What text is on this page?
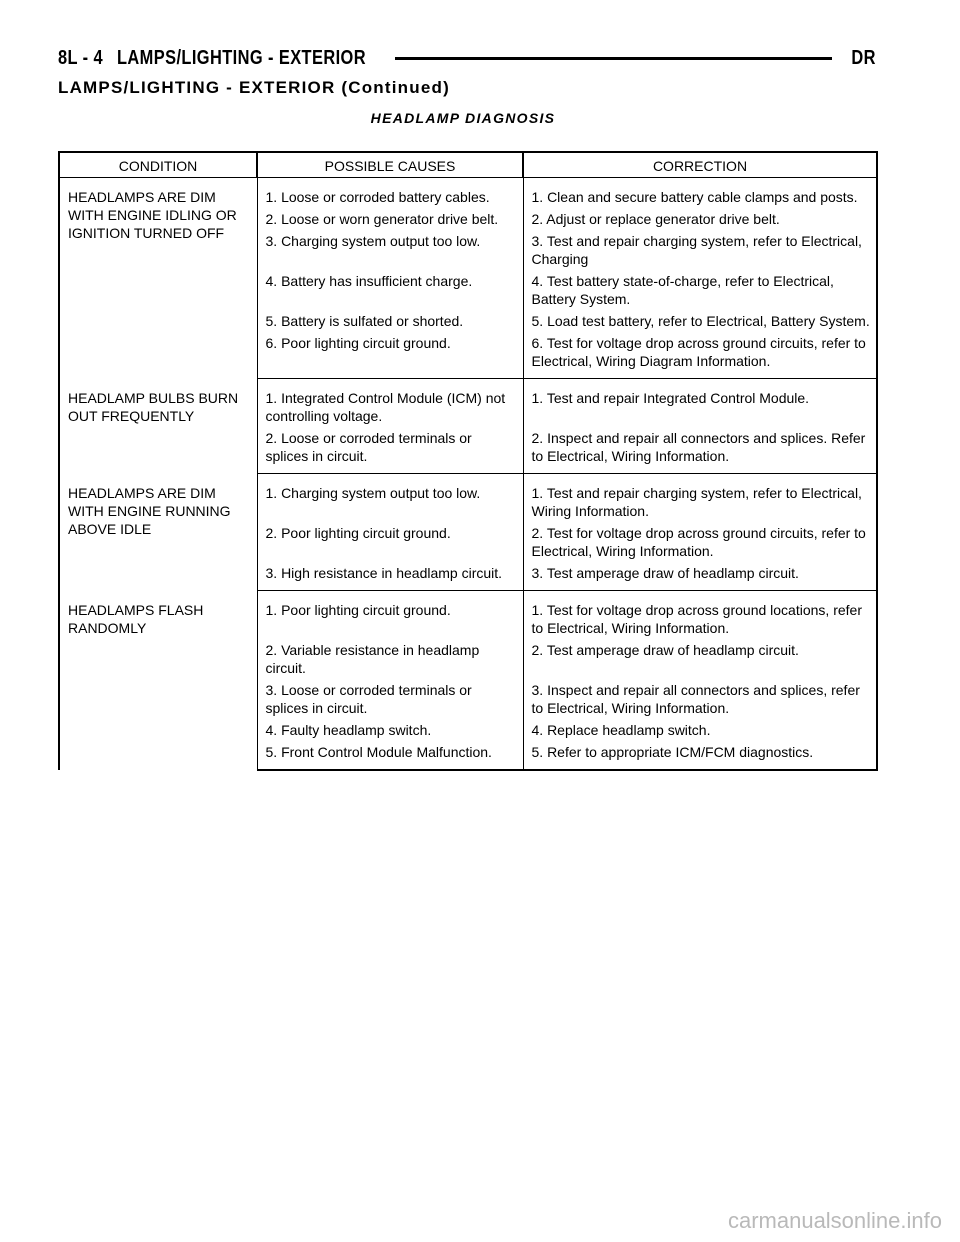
8L - 4 LAMPS/LIGHTING - EXTERIOR	DR
LAMPS/LIGHTING - EXTERIOR (Continued)
HEADLAMP DIAGNOSIS
CONDITION	POSSIBLE CAUSES	CORRECTION
HEADLAMPS ARE DIM WITH ENGINE IDLING OR IGNITION TURNED OFF	1. Loose or corroded battery cables.	1. Clean and secure battery cable clamps and posts.
	2. Loose or worn generator drive belt.	2. Adjust or replace generator drive belt.
	3. Charging system output too low.	3. Test and repair charging system, refer to Electrical, Charging
	4. Battery has insufficient charge.	4. Test battery state-of-charge, refer to Electrical, Battery System.
	5. Battery is sulfated or shorted.	5. Load test battery, refer to Electrical, Battery System.
	6. Poor lighting circuit ground.	6. Test for voltage drop across ground circuits, refer to Electrical, Wiring Diagram Information.
HEADLAMP BULBS BURN OUT FREQUENTLY	1. Integrated Control Module (ICM) not controlling voltage.	1. Test and repair Integrated Control Module.
	2. Loose or corroded terminals or splices in circuit.	2. Inspect and repair all connectors and splices. Refer to Electrical, Wiring Information.
HEADLAMPS ARE DIM WITH ENGINE RUNNING ABOVE IDLE	1. Charging system output too low.	1. Test and repair charging system, refer to Electrical, Wiring Information.
	2. Poor lighting circuit ground.	2. Test for voltage drop across ground circuits, refer to Electrical, Wiring Information.
	3. High resistance in headlamp circuit.	3. Test amperage draw of headlamp circuit.
HEADLAMPS FLASH RANDOMLY	1. Poor lighting circuit ground.	1. Test for voltage drop across ground locations, refer to Electrical, Wiring Information.
	2. Variable resistance in headlamp circuit.	2. Test amperage draw of headlamp circuit.
	3. Loose or corroded terminals or splices in circuit.	3. Inspect and repair all connectors and splices, refer to Electrical, Wiring Information.
	4. Faulty headlamp switch.	4. Replace headlamp switch.
	5. Front Control Module Malfunction.	5. Refer to appropriate ICM/FCM diagnostics.
carmanualsonline.info
